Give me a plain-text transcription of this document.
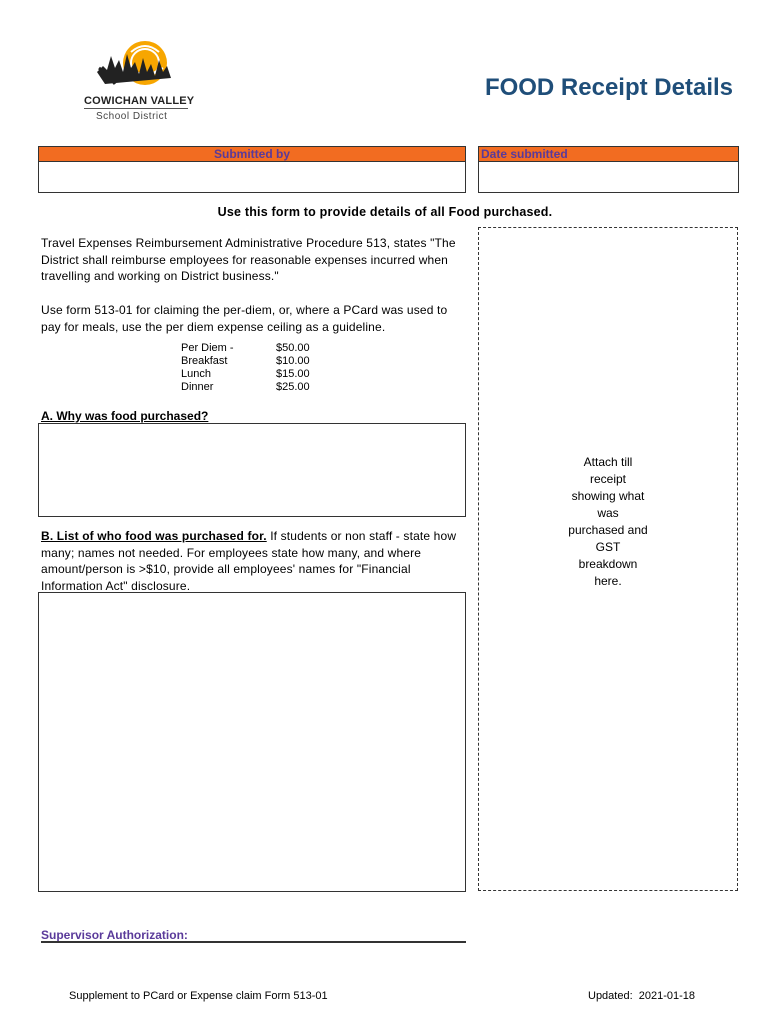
COWICHAN VALLEY
School District
FOOD Receipt Details
Submitted by	Date submitted
Use this form to provide details of all Food purchased.
Travel Expenses Reimbursement Administrative Procedure 513, states "The District shall reimburse employees for reasonable expenses incurred when travelling and working on District business."
Use form 513-01 for claiming the per-diem, or, where a PCard was used to pay for meals, use the per diem expense ceiling as a guideline.
Per Diem -	$50.00
Breakfast	$10.00
Lunch	$15.00
Dinner	$25.00
A. Why was food purchased?
B. List of who food was purchased for. If students or non staff - state how many; names not needed. For employees state how many, and where amount/person is >$10, provide all employees' names for "Financial Information Act" disclosure.
Attach till receipt showing what was purchased and GST breakdown here.
Supervisor Authorization:
Supplement to PCard or Expense claim Form 513-01	Updated:  2021-01-18
